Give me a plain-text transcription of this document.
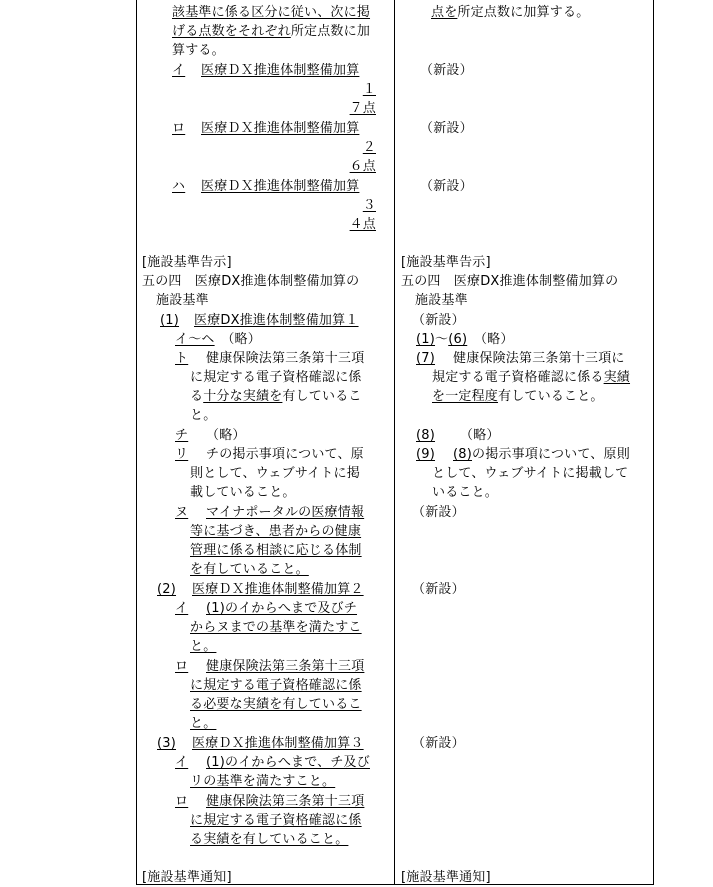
該基準に係る区分に従い、次に掲
げる点数をそれぞれ所定点数に加
算する。
イ 医療ＤＸ推進体制整備加算
１
７点
ロ 医療ＤＸ推進体制整備加算
２
６点
ハ 医療ＤＸ推進体制整備加算
３
４点
[施設基準告示]
五の四　医療DX推進体制整備加算の
施設基準
(1) 医療DX推進体制整備加算１
イ～ヘ　 （略）
ト 健康保険法第三条第十三項
に規定する電子資格確認に係
る十分な実績を有しているこ
と。
チ （略）
リ チの掲示事項について、原
則として、ウェブサイトに掲
載していること。
ヌ マイナポータルの医療情報
等に基づき、患者からの健康
管理に係る相談に応じる体制
を有していること。
(2) 医療ＤＸ推進体制整備加算２
イ (1)のイからへまで及びチ
からヌまでの基準を満たすこ
と。
ロ 健康保険法第三条第十三項
に規定する電子資格確認に係
る必要な実績を有しているこ
と。
(3) 医療ＤＸ推進体制整備加算３
イ (1)のイからへまで、チ及び
リの基準を満たすこと。
ロ 健康保険法第三条第十三項
に規定する電子資格確認に係
る実績を有していること。
[施設基準通知]
点を所定点数に加算する。
（新設）
（新設）
（新設）
[施設基準告示]
五の四　医療DX推進体制整備加算の
施設基準
（新設）
(1)～(6)　 （略）
(7) 健康保険法第三条第十三項に
規定する電子資格確認に係る実績
を一定程度有していること。
(8) （略）
(9) (8)の掲示事項について、原則
として、ウェブサイトに掲載して
いること。
（新設）
（新設）
（新設）
[施設基準通知]
